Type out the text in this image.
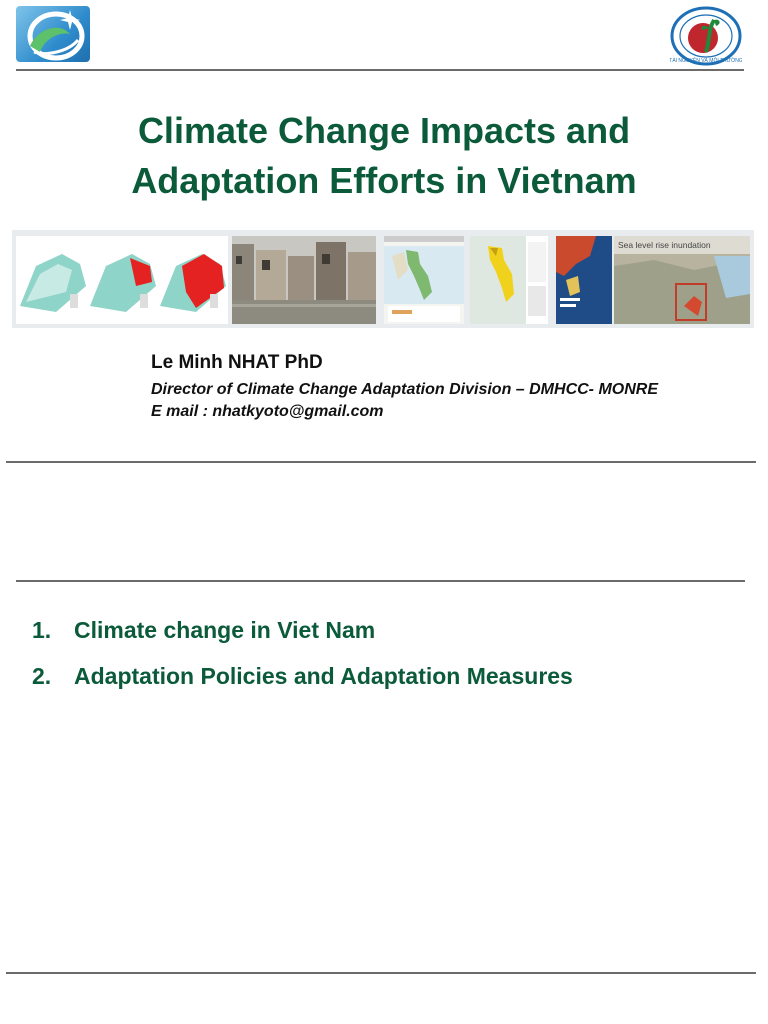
TÀI NGUYÊN VÀ MÔI TRƯỜNG
Climate Change Impacts and
Adaptation Efforts in Vietnam
Sea level rise inundation
Le Minh NHAT PhD
Director of Climate Change Adaptation Division – DMHCC- MONRE
E mail : nhatkyoto@gmail.com
1. Climate change in Viet Nam
2. Adaptation Policies and Adaptation Measures
